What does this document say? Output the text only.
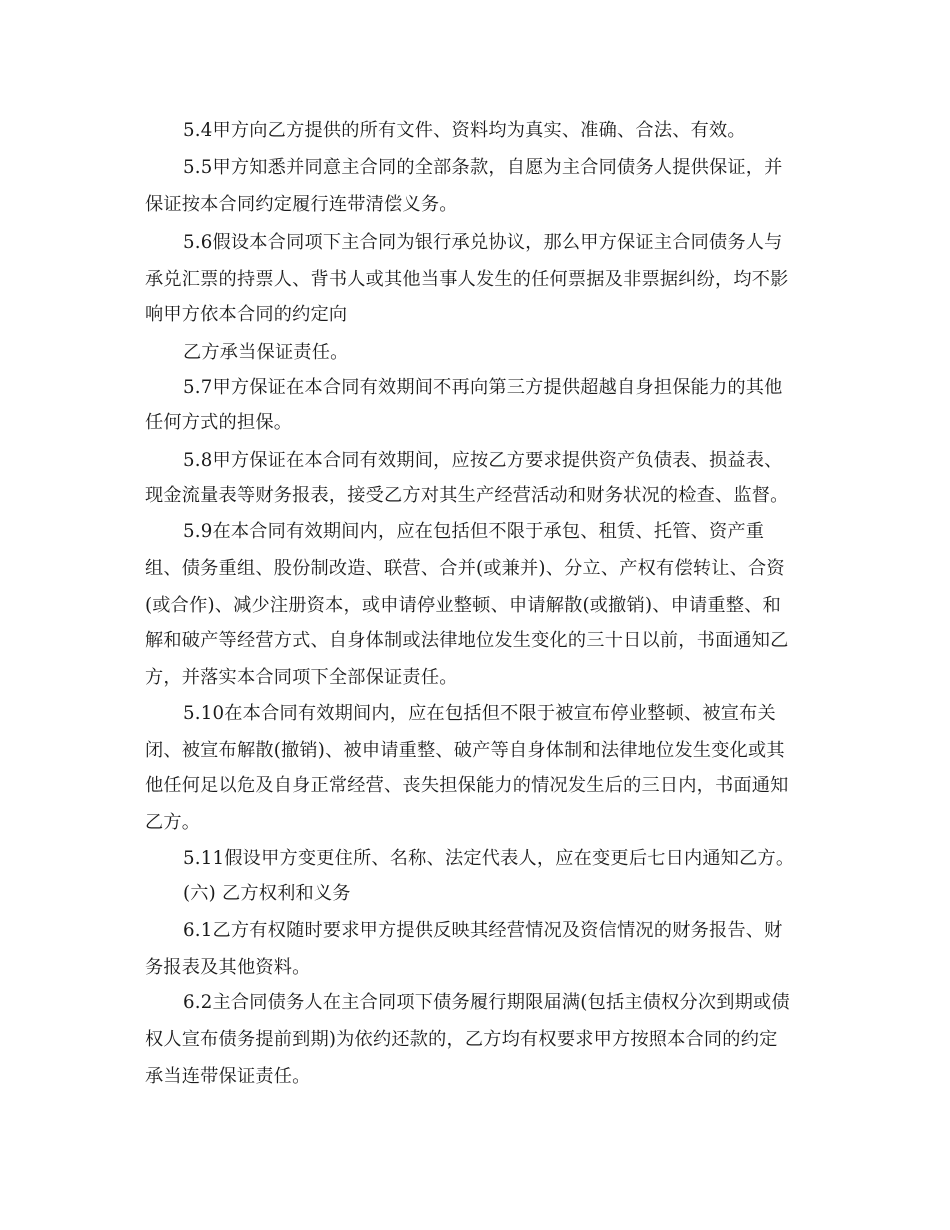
5.4甲方向乙方提供的所有文件、资料均为真实、准确、合法、有效。
5.5甲方知悉并同意主合同的全部条款，自愿为主合同债务人提供保证，并
保证按本合同约定履行连带清偿义务。
5.6假设本合同项下主合同为银行承兑协议，那么甲方保证主合同债务人与
承兑汇票的持票人、背书人或其他当事人发生的任何票据及非票据纠纷，均不影
响甲方依本合同的约定向
乙方承当保证责任。
5.7甲方保证在本合同有效期间不再向第三方提供超越自身担保能力的其他
任何方式的担保。
5.8甲方保证在本合同有效期间，应按乙方要求提供资产负债表、损益表、
现金流量表等财务报表，接受乙方对其生产经营活动和财务状况的检查、监督。
5.9在本合同有效期间内，应在包括但不限于承包、租赁、托管、资产重
组、债务重组、股份制改造、联营、合并(或兼并)、分立、产权有偿转让、合资
(或合作)、减少注册资本，或申请停业整顿、申请解散(或撤销)、申请重整、和
解和破产等经营方式、自身体制或法律地位发生变化的三十日以前，书面通知乙
方，并落实本合同项下全部保证责任。
5.10在本合同有效期间内，应在包括但不限于被宣布停业整顿、被宣布关
闭、被宣布解散(撤销)、被申请重整、破产等自身体制和法律地位发生变化或其
他任何足以危及自身正常经营、丧失担保能力的情况发生后的三日内，书面通知
乙方。
5.11假设甲方变更住所、名称、法定代表人，应在变更后七日内通知乙方。
(六) 乙方权利和义务
6.1乙方有权随时要求甲方提供反映其经营情况及资信情况的财务报告、财
务报表及其他资料。
6.2主合同债务人在主合同项下债务履行期限届满(包括主债权分次到期或债
权人宣布债务提前到期)为依约还款的，乙方均有权要求甲方按照本合同的约定
承当连带保证责任。
